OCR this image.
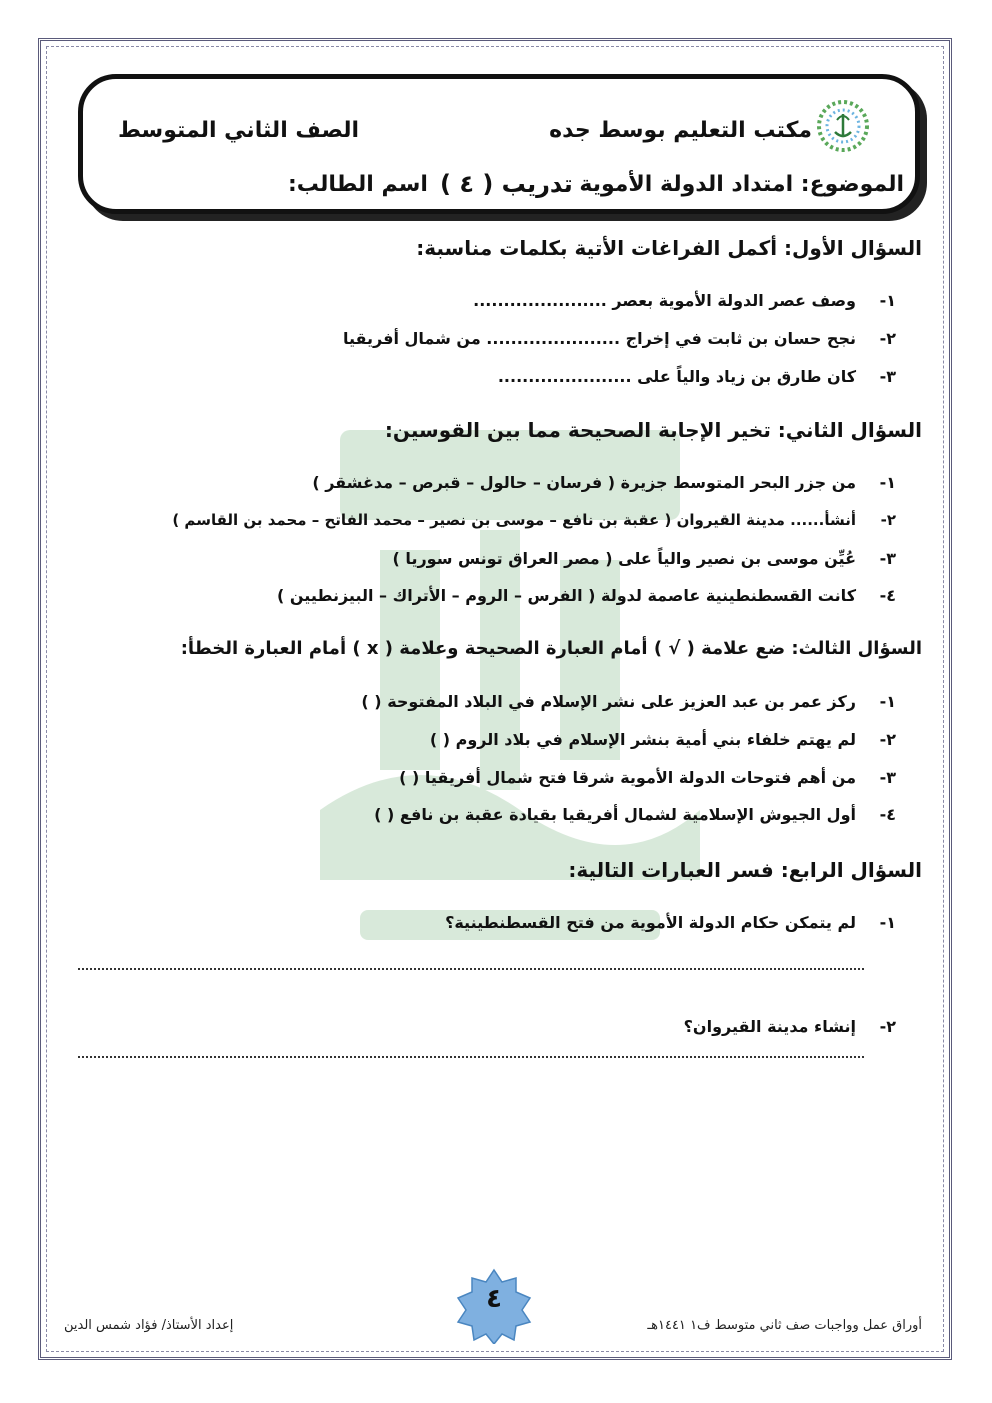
مكتب التعليم بوسط جده
الصف الثاني المتوسط
الموضوع: امتداد الدولة الأموية
تدريب ( ٤ )
اسم الطالب:
السؤال الأول: أكمل الفراغات الأتية بكلمات مناسبة:
١-
وصف عصر الدولة الأموية بعصر ......................
٢-
نجح حسان بن ثابت في إخراج ...................... من شمال أفريقيا
٣-
كان طارق بن زياد والياً على ......................
السؤال الثاني: تخير الإجابة الصحيحة مما بين القوسين:
١-
من جزر البحر المتوسط جزيرة ( فرسان – حالول – قبرص – مدغشقر )
٢-
أنشأ...... مدينة القيروان ( عقبة بن نافع – موسى بن نصير – محمد الفاتح – محمد بن القاسم )
٣-
عُيِّن موسى بن نصير والياً على ( مصر العراق تونس سوريا )
٤-
كانت القسطنطينية عاصمة لدولة ( الفرس – الروم – الأتراك – البيزنطيين )
السؤال الثالث: ضع علامة ( √ ) أمام العبارة الصحيحة وعلامة ( x ) أمام العبارة الخطأ:
١-
ركز عمر بن عبد العزيز على نشر الإسلام في البلاد المفتوحة ( )
٢-
لم يهتم خلفاء بني أمية بنشر الإسلام في بلاد الروم ( )
٣-
من أهم فتوحات الدولة الأموية شرقا فتح شمال أفريقيا ( )
٤-
أول الجيوش الإسلامية لشمال أفريقيا بقيادة عقبة بن نافع ( )
السؤال الرابع: فسر العبارات التالية:
١-
لم يتمكن حكام الدولة الأموية من فتح القسطنطينية؟
٢-
إنشاء مدينة القيروان؟
٤
إعداد الأستاذ/ فؤاد شمس الدين	أوراق عمل وواجبات صف ثاني متوسط ف١ ١٤٤١هـ
